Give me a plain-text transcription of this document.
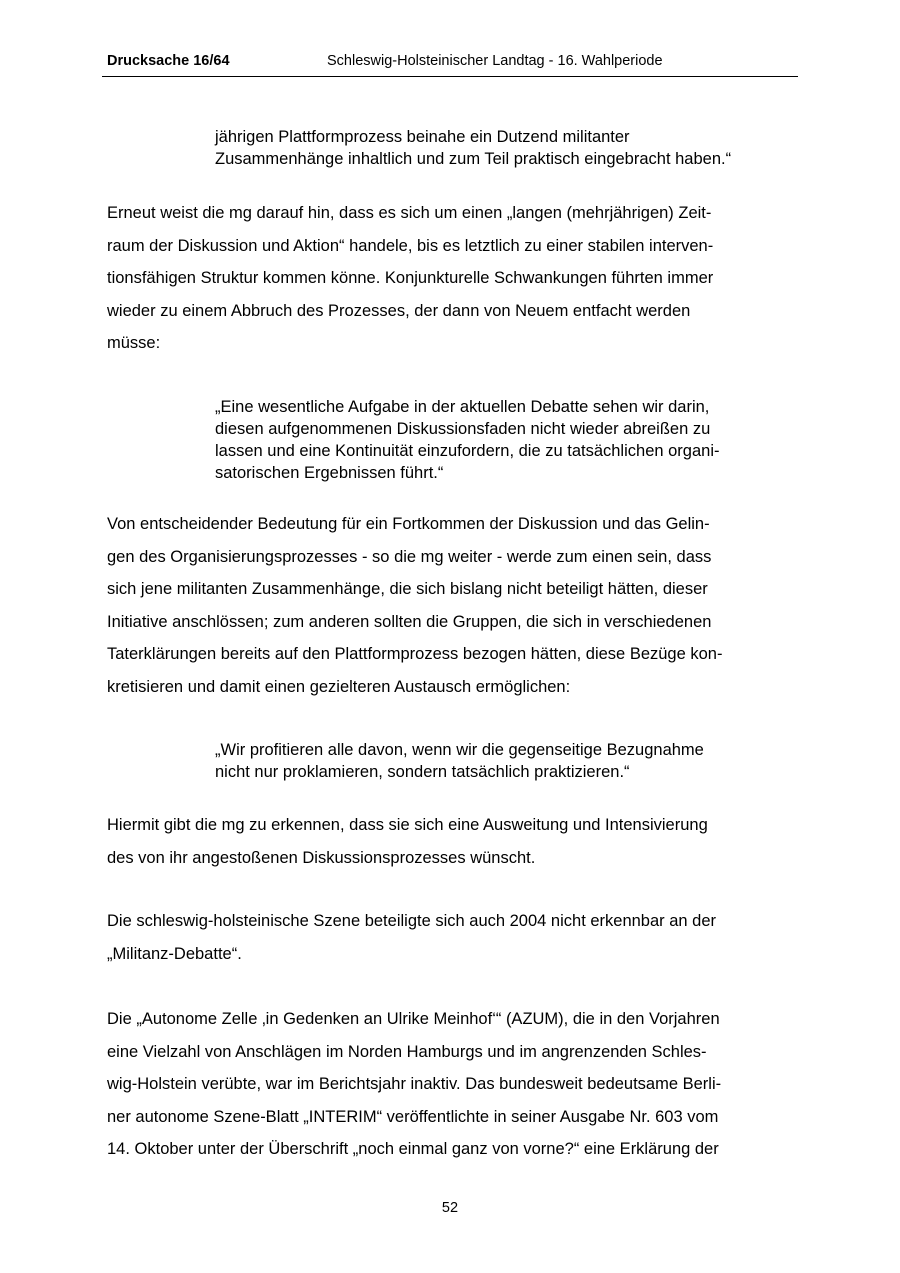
Drucksache 16/64	Schleswig-Holsteinischer Landtag - 16. Wahlperiode
jährigen Plattformprozess beinahe ein Dutzend militanter
Zusammenhänge inhaltlich und zum Teil praktisch eingebracht haben.“
Erneut weist die mg darauf hin, dass es sich um einen „langen (mehrjährigen) Zeit-
raum der Diskussion und Aktion“ handele, bis es letztlich zu einer stabilen interven-
tionsfähigen Struktur kommen könne. Konjunkturelle Schwankungen führten immer
wieder zu einem Abbruch des Prozesses, der dann von Neuem entfacht werden
müsse:
„Eine wesentliche Aufgabe in der aktuellen Debatte sehen wir darin,
diesen aufgenommenen Diskussionsfaden nicht wieder abreißen zu
lassen und eine Kontinuität einzufordern, die zu tatsächlichen organi-
satorischen Ergebnissen führt.“
Von entscheidender Bedeutung für ein Fortkommen der Diskussion und das Gelin-
gen des Organisierungsprozesses - so die mg weiter - werde zum einen sein, dass
sich jene militanten Zusammenhänge, die sich bislang nicht beteiligt hätten, dieser
Initiative anschlössen; zum anderen sollten die Gruppen, die sich in verschiedenen
Taterklärungen bereits auf den Plattformprozess bezogen hätten, diese Bezüge kon-
kretisieren und damit einen gezielteren Austausch ermöglichen:
„Wir profitieren alle davon, wenn wir die gegenseitige Bezugnahme
nicht nur proklamieren, sondern tatsächlich praktizieren.“
Hiermit gibt die mg zu erkennen, dass sie sich eine Ausweitung und Intensivierung
des von ihr angestoßenen Diskussionsprozesses wünscht.
Die schleswig-holsteinische Szene beteiligte sich auch 2004 nicht erkennbar an der
„Militanz-Debatte“.
Die „Autonome Zelle ‚in Gedenken an Ulrike Meinhof‘“ (AZUM), die in den Vorjahren
eine Vielzahl von Anschlägen im Norden Hamburgs und im angrenzenden Schles-
wig-Holstein verübte, war im Berichtsjahr inaktiv. Das bundesweit bedeutsame Berli-
ner autonome Szene-Blatt „INTERIM“ veröffentlichte in seiner Ausgabe Nr. 603 vom
14. Oktober unter der Überschrift „noch einmal ganz von vorne?“ eine Erklärung der
52
